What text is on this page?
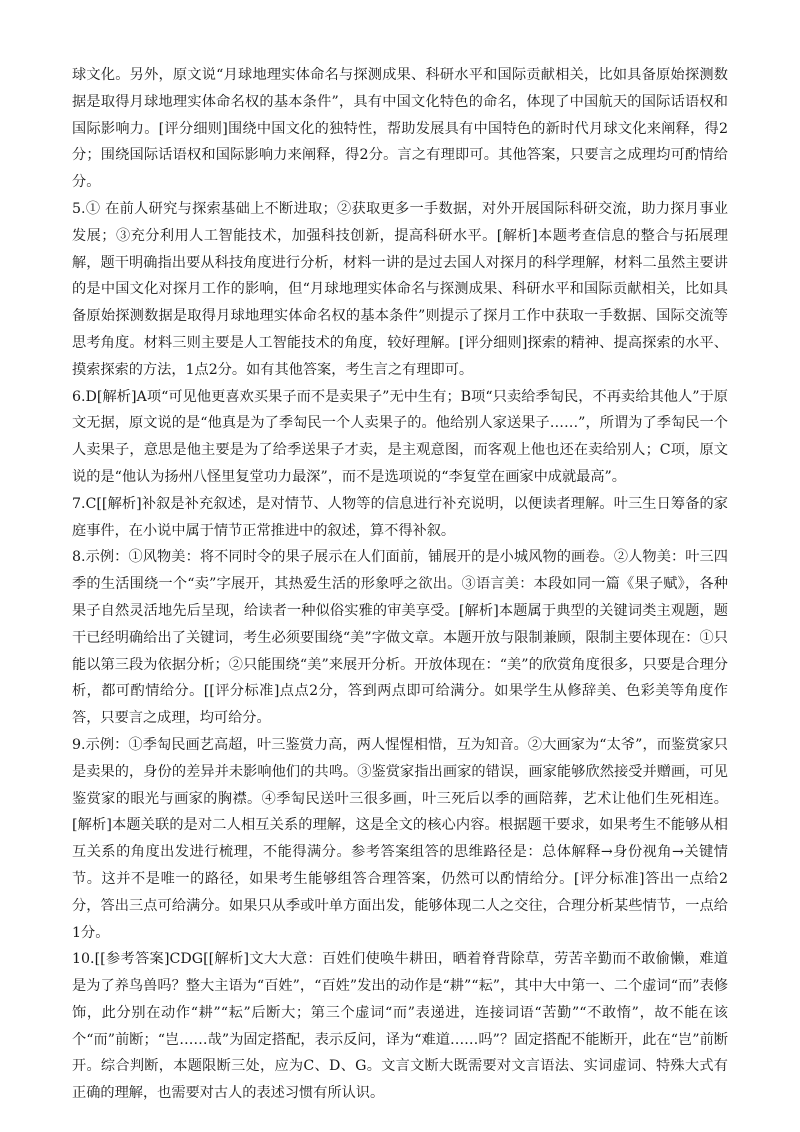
球文化。另外，原文说“月球地理实体命名与探测成果、科研水平和国际贡献相关，比如具备原始探测数据是取得月球地理实体命名权的基本条件”，具有中国文化特色的命名，体现了中国航天的国际话语权和国际影响力。[评分细则]围绕中国文化的独特性，帮助发展具有中国特色的新时代月球文化来阐释，得2分；围绕国际话语权和国际影响力来阐释，得2分。言之有理即可。其他答案，只要言之成理均可酌情给分。

5.① 在前人研究与探索基础上不断进取；②获取更多一手数据，对外开展国际科研交流，助力探月事业发展；③充分利用人工智能技术，加强科技创新，提高科研水平。[解析]本题考查信息的整合与拓展理解，题干明确指出要从科技角度进行分析，材料一讲的是过去国人对探月的科学理解，材料二虽然主要讲的是中国文化对探月工作的影响，但“月球地理实体命名与探测成果、科研水平和国际贡献相关，比如具备原始探测数据是取得月球地理实体命名权的基本条件”则提示了探月工作中获取一手数据、国际交流等思考角度。材料三则主要是人工智能技术的角度，较好理解。[评分细则]探索的精神、提高探索的水平、摸索探索的方法，1点2分。如有其他答案，考生言之有理即可。

6.D[解析]A项“可见他更喜欢买果子而不是卖果子”无中生有；B项“只卖给季匋民，不再卖给其他人”于原文无据，原文说的是“他真是为了季匋民一个人卖果子的。他给别人家送果子……”，所谓为了季匋民一个人卖果子，意思是他主要是为了给季送果子才卖，是主观意图，而客观上他也还在卖给别人；C项，原文说的是“他认为扬州八怪里复堂功力最深”，而不是选项说的“李复堂在画家中成就最高”。

7.C[[解析]补叙是补充叙述，是对情节、人物等的信息进行补充说明，以便读者理解。叶三生日筹备的家庭事件，在小说中属于情节正常推进中的叙述，算不得补叙。

8.示例：①风物美：将不同时令的果子展示在人们面前，铺展开的是小城风物的画卷。②人物美：叶三四季的生活围绕一个“卖”字展开，其热爱生活的形象呼之欲出。③语言美：本段如同一篇《果子赋》，各种果子自然灵活地先后呈现，给读者一种似俗实雅的审美享受。[解析]本题属于典型的关键词类主观题，题干已经明确给出了关键词，考生必须要围绕“美”字做文章。本题开放与限制兼顾，限制主要体现在：①只能以第三段为依据分析；②只能围绕“美”来展开分析。开放体现在：“美”的欣赏角度很多，只要是合理分析，都可酌情给分。[[评分标准]点点2分，答到两点即可给满分。如果学生从修辞美、色彩美等角度作答，只要言之成理，均可给分。

9.示例：①季匋民画艺高超，叶三鉴赏力高，两人惺惺相惜，互为知音。②大画家为“太爷”，而鉴赏家只是卖果的，身份的差异并未影响他们的共鸣。③鉴赏家指出画家的错误，画家能够欣然接受并赠画，可见鉴赏家的眼光与画家的胸襟。④季匋民送叶三很多画，叶三死后以季的画陪葬，艺术让他们生死相连。[解析]本题关联的是对二人相互关系的理解，这是全文的核心内容。根据题干要求，如果考生不能够从相互关系的角度出发进行梳理，不能得满分。参考答案组答的思维路径是：总体解释→身份视角→关键情节。这并不是唯一的路径，如果考生能够组答合理答案，仍然可以酌情给分。[评分标准]答出一点给2分，答出三点可给满分。如果只从季或叶单方面出发，能够体现二人之交往，合理分析某些情节，一点给1分。

10.[[参考答案]CDG[[解析]文大大意：百姓们使唤牛耕田，晒着脊背除草，劳苦辛勤而不敢偷懒，难道是为了养鸟兽吗？整大主语为“百姓”，“百姓”发出的动作是“耕”“耘”，其中大中第一、二个虚词“而”表修饰，此分别在动作“耕”“耘”后断大；第三个虚词“而”表递进，连接词语“苦勤”“不敢惰”，故不能在该个“而”前断；“岂……哉”为固定搭配，表示反问，译为“难道……吗”？固定搭配不能断开，此在“岂”前断开。综合判断，本题限断三处，应为C、D、G。文言文断大既需要对文言语法、实词虚词、特殊大式有正确的理解，也需要对古人的表述习惯有所认识。
